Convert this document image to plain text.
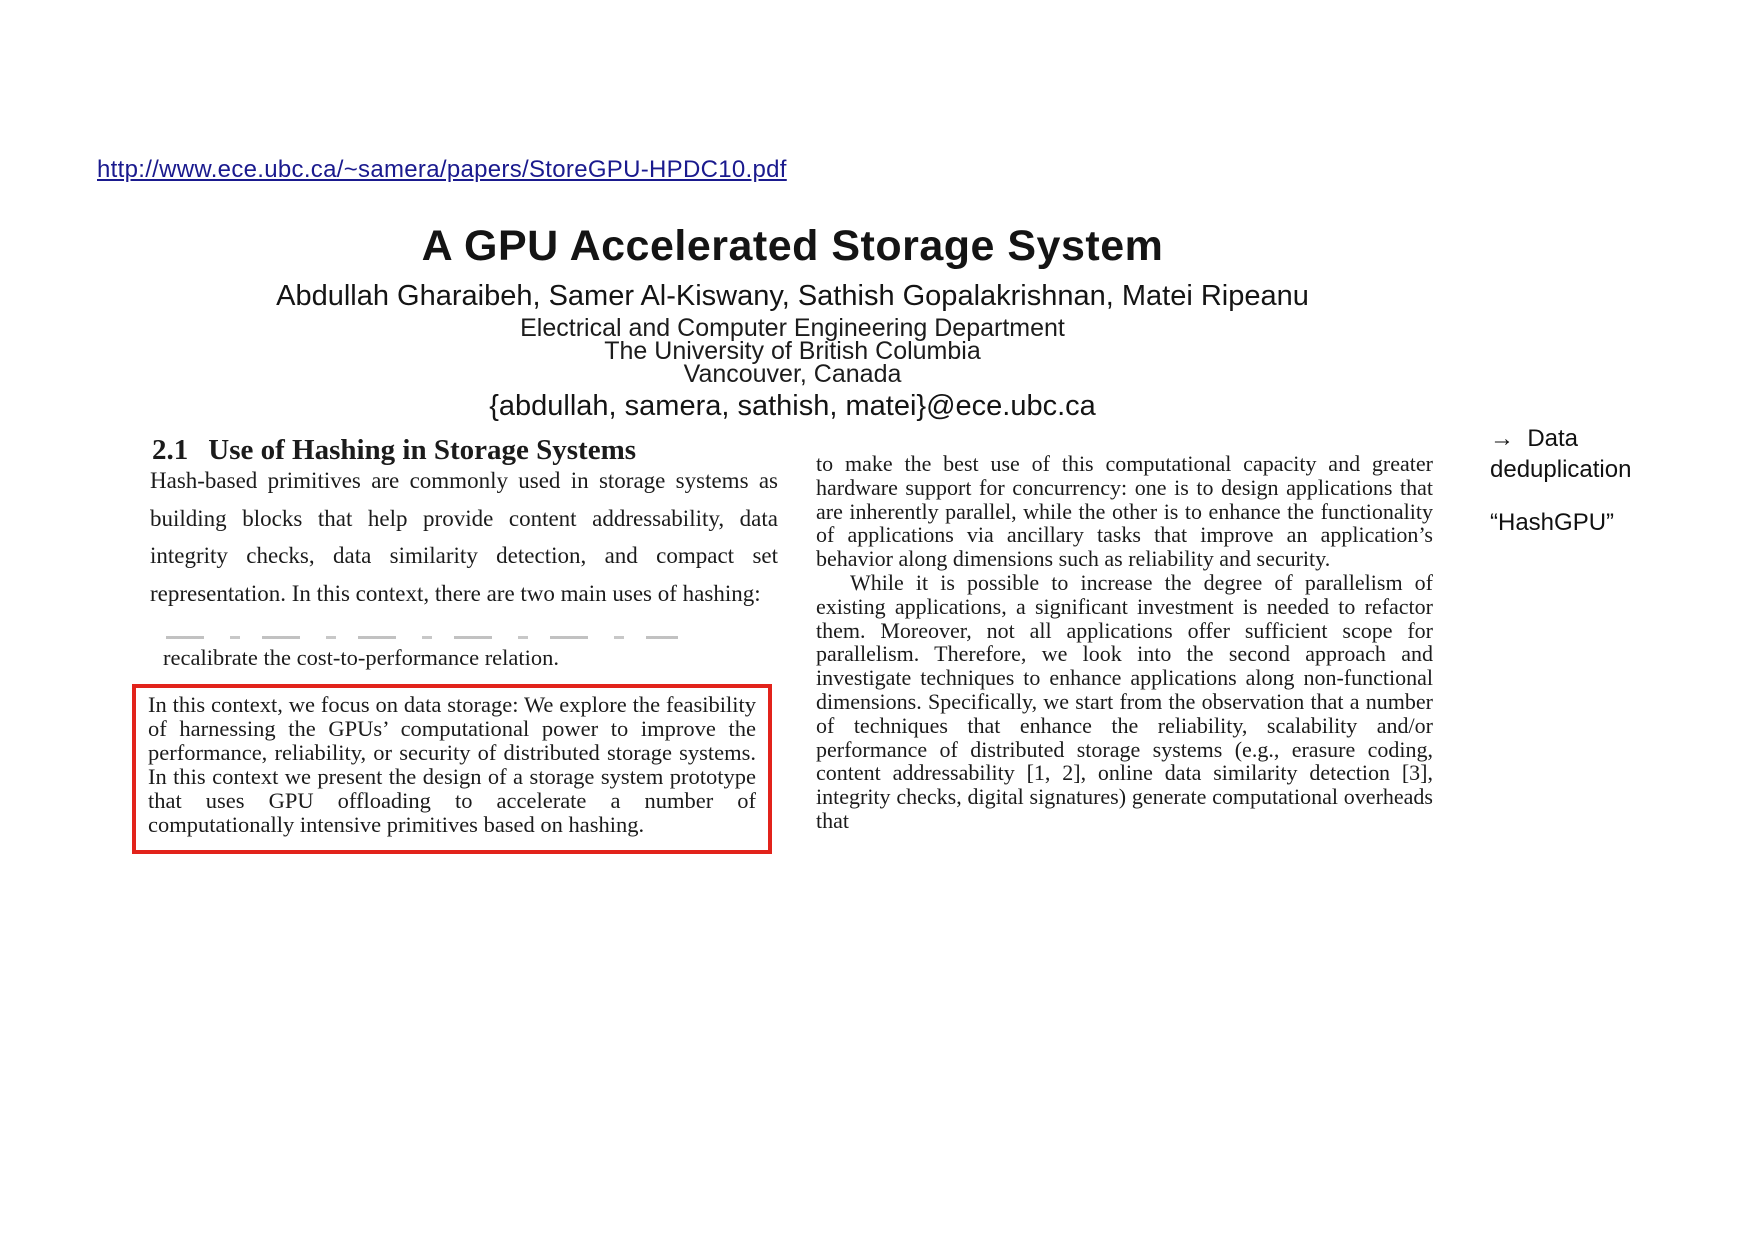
http://www.ece.ubc.ca/~samera/papers/StoreGPU-HPDC10.pdf
A GPU Accelerated Storage System
Abdullah Gharaibeh, Samer Al-Kiswany, Sathish Gopalakrishnan, Matei Ripeanu
Electrical and Computer Engineering Department
The University of British Columbia
Vancouver, Canada
{abdullah, samera, sathish, matei}@ece.ubc.ca
2.1 Use of Hashing in Storage Systems
Hash-based primitives are commonly used in storage systems as building blocks that help provide content addressability, data integrity checks, data similarity detection, and compact set representation. In this context, there are two main uses of hashing:
recalibrate the cost-to-performance relation.

In this context, we focus on data storage: We explore the feasibility of harnessing the GPUs’ computational power to improve the performance, reliability, or security of distributed storage systems. In this context we present the design of a storage system prototype that uses GPU offloading to accelerate a number of computationally intensive primitives based on hashing.

to make the best use of this computational capacity and greater hardware support for concurrency: one is to design applications that are inherently parallel, while the other is to enhance the functionality of applications via ancillary tasks that improve an application’s behavior along dimensions such as reliability and security.

While it is possible to increase the degree of parallelism of existing applications, a significant investment is needed to refactor them. Moreover, not all applications offer sufficient scope for parallelism. Therefore, we look into the second approach and investigate techniques to enhance applications along non-functional dimensions. Specifically, we start from the observation that a number of techniques that enhance the reliability, scalability and/or performance of distributed storage systems (e.g., erasure coding, content addressability [1, 2], online data similarity detection [3], integrity checks, digital signatures) generate computational overheads that

→  Data
deduplication
“HashGPU”
